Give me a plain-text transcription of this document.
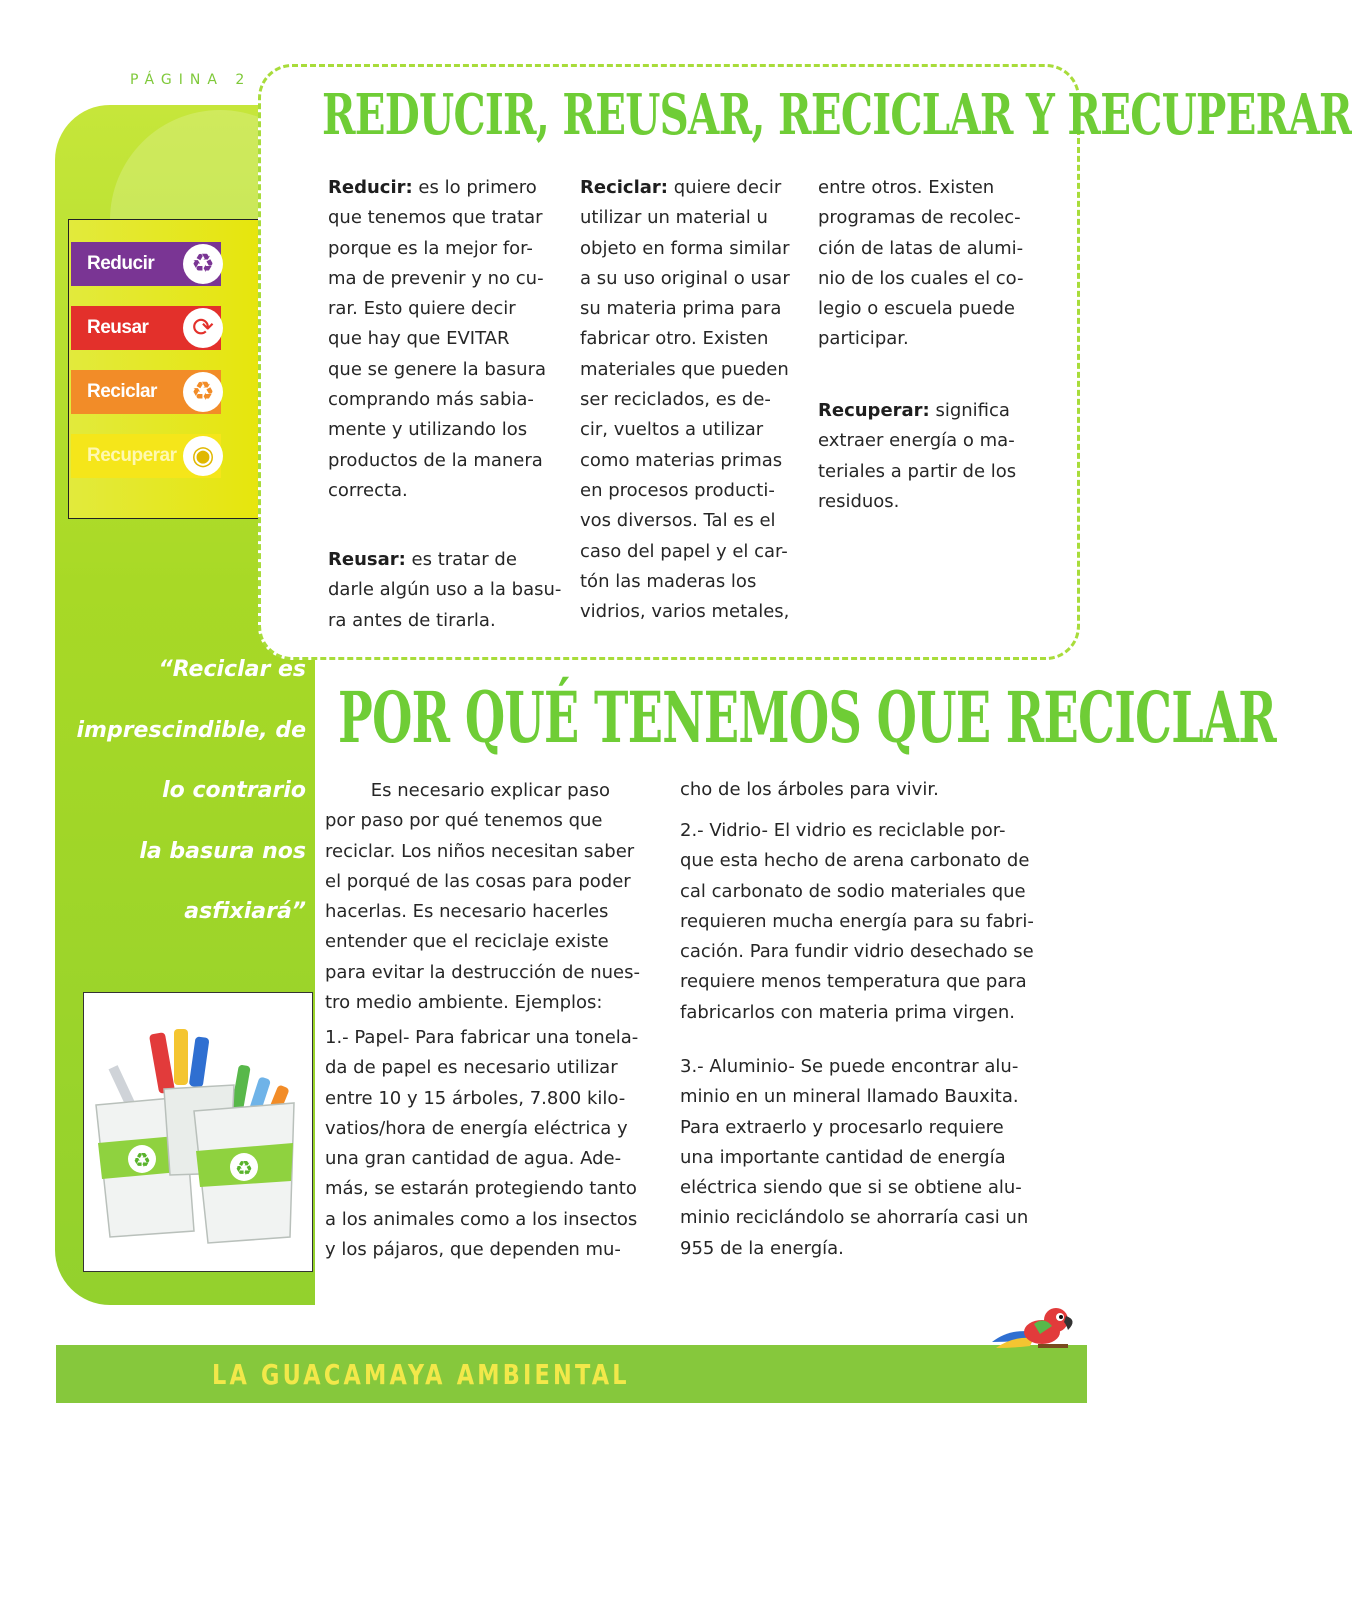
PÁGINA 2
Reducir	♻
Reusar	⟳
Reciclar	♻
Recuperar ◉
REDUCIR, REUSAR, RECICLAR Y RECUPERAR
Reducir: es lo primero
que tenemos que tratar
porque es la mejor for-
ma de prevenir y no cu-
rar. Esto quiere decir
que hay que EVITAR
que se genere la basura
comprando más sabia-
mente y utilizando los
productos de la manera
correcta.
Reusar: es tratar de
darle algún uso a la basu-
ra antes de tirarla.
Reciclar: quiere decir
utilizar un material u
objeto en forma similar
a su uso original o usar
su materia prima para
fabricar otro. Existen
materiales que pueden
ser reciclados, es de-
cir, vueltos a utilizar
como materias primas
en procesos producti-
vos diversos. Tal es el
caso del papel y el car-
tón las maderas los
vidrios, varios metales,
entre otros. Existen
programas de recolec-
ción de latas de alumi-
nio de los cuales el co-
legio o escuela puede
participar.
Recuperar: significa
extraer energía o ma-
teriales a partir de los
residuos.
“Reciclar es
imprescindible, de
lo contrario
la basura nos
asfixiará”
♻	♻
POR QUÉ TENEMOS QUE RECICLAR
Es necesario explicar paso
por paso por qué tenemos que
reciclar. Los niños necesitan saber
el porqué de las cosas para poder
hacerlas. Es necesario hacerles
entender que el reciclaje existe
para evitar la destrucción de nues-
tro medio ambiente. Ejemplos:
1.- Papel- Para fabricar una tonela-
da de papel es necesario utilizar
entre 10 y 15 árboles, 7.800 kilo-
vatios/hora de energía eléctrica y
una gran cantidad de agua. Ade-
más, se estarán protegiendo tanto
a los animales como a los insectos
y los pájaros, que dependen mu-
cho de los árboles para vivir.
2.- Vidrio- El vidrio es reciclable por-
que esta hecho de arena carbonato de
cal carbonato de sodio materiales que
requieren mucha energía para su fabri-
cación. Para fundir vidrio desechado se
requiere menos temperatura que para
fabricarlos con materia prima virgen.
3.- Aluminio- Se puede encontrar alu-
minio en un mineral llamado Bauxita.
Para extraerlo y procesarlo requiere
una importante cantidad de energía
eléctrica siendo que si se obtiene alu-
minio reciclándolo se ahorraría casi un
955 de la energía.
LA GUACAMAYA AMBIENTAL
